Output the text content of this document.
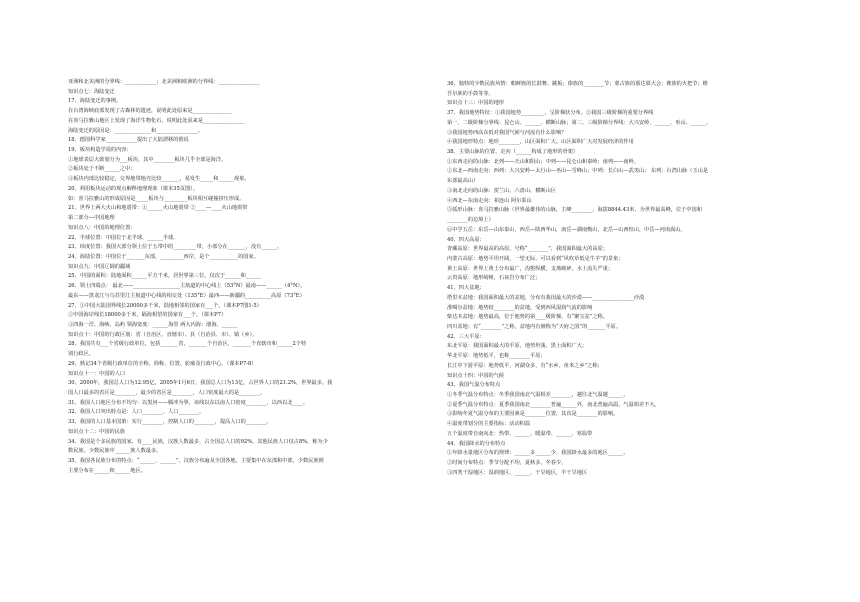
亚洲和北美洲的分界线：____________；北美洲和欧洲的分界线：________________
知识点七：海陆变迁
17、海陆变迁的事例。
在台湾海峡底部发现了古森林的遗迹，说明此处原来是_______________
在喜马拉雅山地区上发现了海洋生物化石，说明此处原来是________________
海陆变迁的原因是：______________和________________。
18、德国科学家____________提出了大陆漂移的假说
19、板块构造学说的内容：
①地球表层大致划分为___板块，其中________板块几乎全部是海洋。
②板块处于不断______之中；
③板块内部比较稳定，交界地带地壳比较_______，易发生_____和______现象。
20、利用板块运动的观点解释地理现象（课本35页图）。
如：喜马拉雅山的形成原因是_____板块与_________板块相互碰撞挤压形成。
21、世界上两大火山和地震带：①______火山地震带 ②____—____火山地震带
第二部分—中国地理
知识点八：中国的地理位置：
22、半球位置：中国位于北半球、______半球。
23、纬度位置：我国大部分领土位于五带中的_________带，小部分在_______，没有______。
24、海陆位置：中国位于_______东部，_________西岸，是个___________的国家。
知识点九：中国辽阔的疆域
25、中国的面积：陆地面积______平方千米，居世界第三位，仅次于______和______
26、领土四端点： 最北——__________________主航道的中心线上（53°N）最南——______（4°N），
最东——黑龙江与乌苏里江主航道中心线的相交处（135°E）最西——新疆的__________高原（73°E）
27、①中国大陆国界线长20000多千米，陆地相邻的国家有___个。（课本P7图1-5）
②中国海岸线长18000多千米，隔海相望的国家有___个。（课本P7）
③四海一洋、海峡、岛屿 领海宽度：______海里 两大内海：渤海、______
知识点十：中国的行政区划：省（自治区、直辖市）、县（自治县、市）、镇（乡）。
28、我国共有___个省级行政单位，包括_______省，_______个自治区，_______个直辖市和______2个特
别行政区。
29、熟记34个省级行政单位的全称、简称、位置、轮廓及行政中心。（课本P7-8）
知识点十一：中国的人口
30、2000年，我国总人口为12.95亿，2005年1月6日，我国总人口为13亿，占世界人口的21.2%，世界最多。我
国人口最多的省区是________，最少的省区是________，人口密度最大的是________。
31、我国人口地区分布不均匀：以黑河——腾冲为界，该线以东以南人口密度________，以西以北____。
32、我国人口突出特点是：人口________、人口________。
33、我国的人口基本国策：实行________，控制人口的________，提高人口的________。
知识点十二：中国的民族
34、我国是个多民族的国家，有____民族，汉族人数最多，占全国总人口的92%，其他民族人口仅占8%，称为少
数民族。少数民族中______族人数最多。
35、我国各民族分布的特点：“______、______”，汉族分布遍及全国各地，主要集中在东部和中部，少数民族则
主要分布在______和______地区。
36、独特的少数民族风情：朝鲜族的长鼓舞、跳板；傣族的________节；蒙古族的那达慕大会；彝族的火把节；维
吾尔族的手鼓等等。
知识点十三：中国的地形
37、我国地势特征：①我国地势_________，呈阶梯状分布。②我国三级阶梯的重要分界线
第一、二级阶梯分界线：昆仑山、______、横断山脉；第二、三级阶梯分界线：大兴安岭、______、巫山、______。
③我国地势西高东低对我国气候与河流有什么影响？
④我国地形特点：地形________，山区面积广大。山区面积广大对发展经济的作用
38、主要山脉的位置、走向（______构成了地形的骨架）
①东西走向的山脉：北列——天山和阴山；中列——昆仑山和秦岭；南列——南岭。
②东北—西南走向：西列：大兴安岭—太行山—巫山—雪峰山；中列：长白山—武夷山； 东列：台湾山脉（玉山是
东部最高山）
③南北走向的山脉：贺兰山、六盘山、横断山区
④西北—东南走向：祁连山 阿尔泰山
⑤弧形山脉：喜马拉雅山脉（世界最雄伟的山脉，主峰________，海拔8844.43米，为世界最高峰，位于中国和
________的边境上）
⑥中学五岳：东岳—山东泰山，西岳—陕西华山，南岳—湖南衡山，北岳—山西恒山，中岳—河南嵩山。
40、四大高原：
青藏高原：世界最高的高原，号称“________”，我国面积最大的高原；
内蒙古高原：地势平坦开阔，一望无际，可以看到“风吹草低见牛羊”的景象；
黄土高原：世界上黄土分布最广，沟壑纵横，支离破碎，水土流失严重；
云贵高原：地形崎岖，石灰岩分布广泛；
41、四大盆地：
塔里木盆地：我国面积最大的盆地，分布有我国最大的沙漠——________________沙漠
准噶尔盆地：地势较________的盆地，受到西风湿润气流的影响
柴达木盆地：地势最高，位于地势的第____级阶梯，有“聚宝盆”之称。
四川盆地：有“________”之称，盆地内有被称为“天府之国”的_______平原。
42、三大平原：
东北平原：我国面积最大的平原，地势坦荡，黑土面积广大；
华北平原：地势低平，也称________平原；
长江中下游平原：地势低平，河湖众多，有“水乡、鱼米之乡”之称；
知识点十四：中国的气候
43、我国气温分布特点
①冬季气温分布特点：冬季我国南北气温相差________，越往北气温越______。
②夏季气温分布特点：夏季我国南北________普遍______外，南北普遍高温，气温相差不大。
③影响冬夏气温分布的主要因素是________位置，其次是________的影响。
④温度带划分的主要指标：活动积温
五个温度带自南向北：热带、______、暖温带、______、寒温带
44、我国降水的分布特点
①年降水量地区分布的规律：______多______少，我国降水最多的地区______。
②时间分布特点：季节分配不均，夏秋多，冬春少，
③四类干湿地区：湿润地区、______、干旱地区，半干旱地区
